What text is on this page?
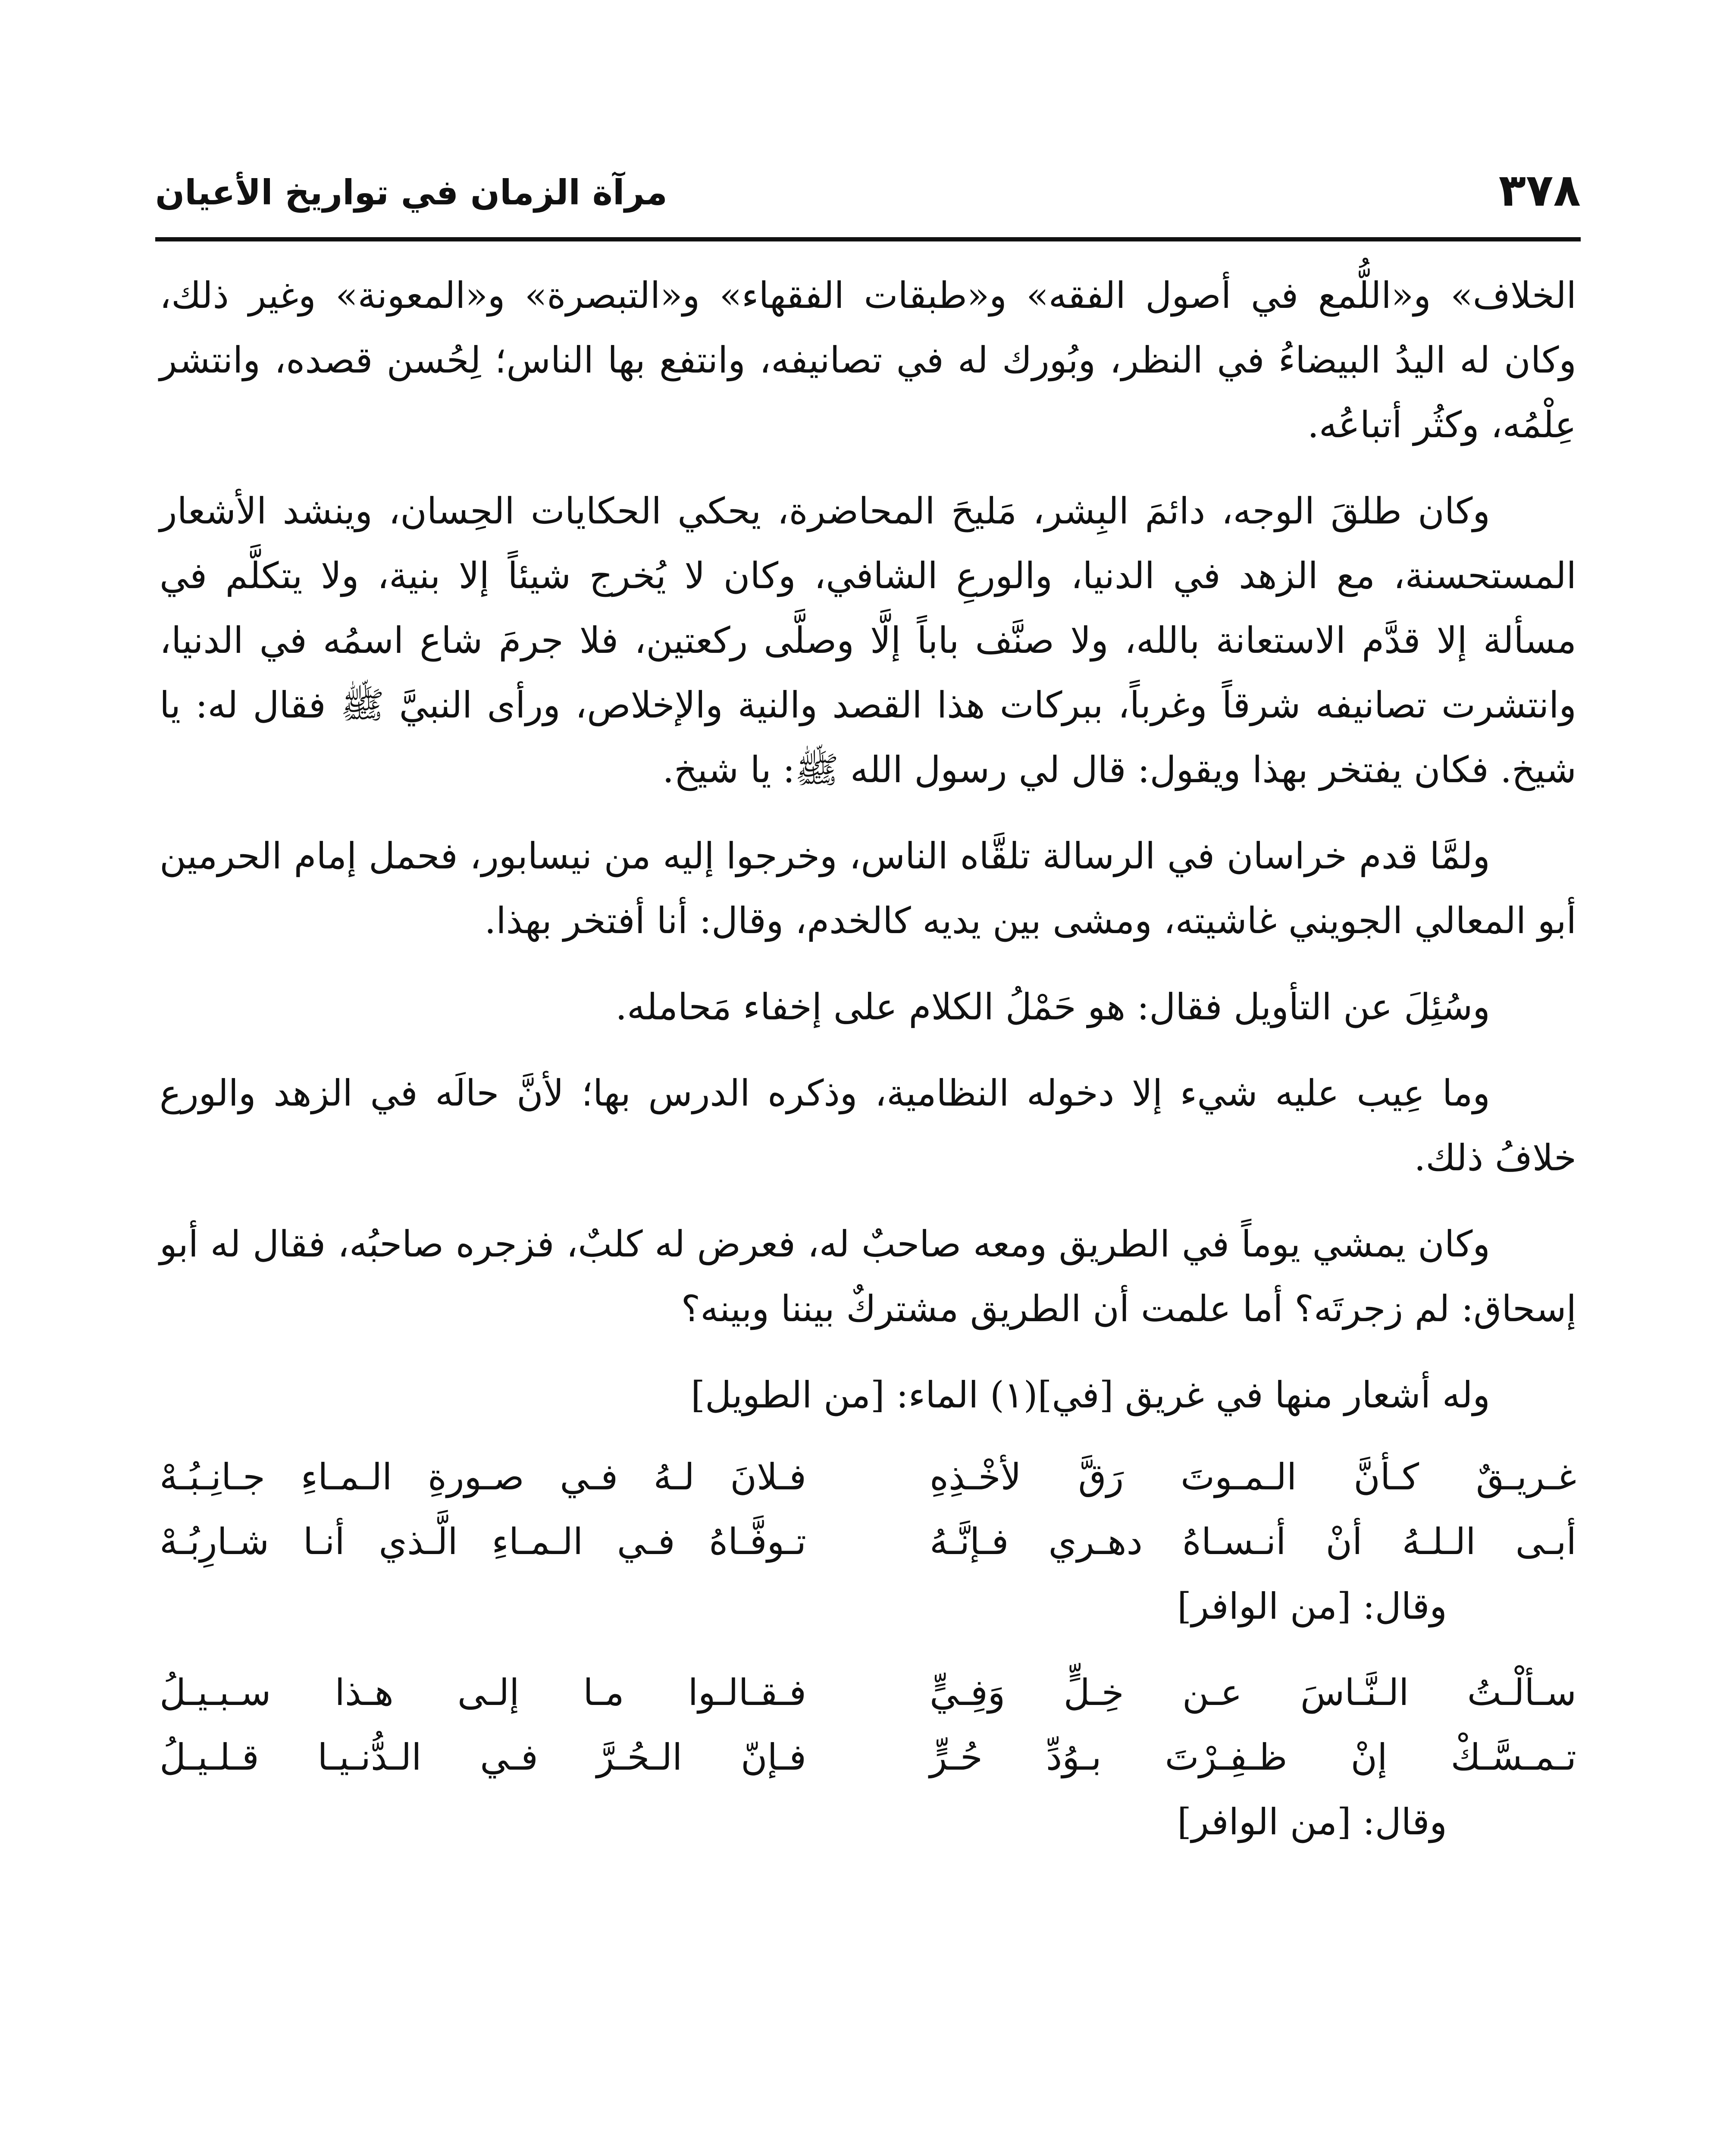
٣٧٨
مرآة الزمان في تواريخ الأعيان

الخلاف» و«اللُّمع في أصول الفقه» و«طبقات الفقهاء» و«التبصرة» و«المعونة» وغير ذلك، وكان له اليدُ البيضاءُ في النظر، وبُورك له في تصانيفه، وانتفع بها الناس؛ لِحُسن قصده، وانتشر عِلْمُه، وكثُر أتباعُه.

وكان طلقَ الوجه، دائمَ البِشر، مَليحَ المحاضرة، يحكي الحكايات الحِسان، وينشد الأشعار المستحسنة، مع الزهد في الدنيا، والورعِ الشافي، وكان لا يُخرج شيئاً إلا بنية، ولا يتكلَّم في مسألة إلا قدَّم الاستعانة بالله، ولا صنَّف باباً إلَّا وصلَّى ركعتين، فلا جرمَ شاع اسمُه في الدنيا، وانتشرت تصانيفه شرقاً وغرباً، ببركات هذا القصد والنية والإخلاص، ورأى النبيَّ ﷺ فقال له: يا شيخ. فكان يفتخر بهذا ويقول: قال لي رسول الله ﷺ: يا شيخ.

ولمَّا قدم خراسان في الرسالة تلقَّاه الناس، وخرجوا إليه من نيسابور، فحمل إمام الحرمين أبو المعالي الجويني غاشيته، ومشى بين يديه كالخدم، وقال: أنا أفتخر بهذا.

وسُئِلَ عن التأويل فقال: هو حَمْلُ الكلام على إخفاء مَحامله.

وما عِيب عليه شيء إلا دخوله النظامية، وذكره الدرس بها؛ لأنَّ حالَه في الزهد والورع خلافُ ذلك.

وكان يمشي يوماً في الطريق ومعه صاحبٌ له، فعرض له كلبٌ، فزجره صاحبُه، فقال له أبو إسحاق: لم زجرتَه؟ أما علمت أن الطريق مشتركٌ بيننا وبينه؟

وله أشعار منها في غريق [في](١) الماء: [من الطويل]

غـريـقٌ كـأنَّ الـمـوتَ رَقَّ لأخْـذِهِ
فـلانَ لـهُ فـي صـورةِ الـمـاءِ جـانِـبُـهْ
أبـى الـلـهُ أنْ أنـسـاهُ دهـري فـإنَّـهُ
تـوفَّـاهُ فـي الـمـاءِ الَّـذي أنـا شـارِبُـهْ

وقال: [من الوافر]

سـألْـتُ الـنَّـاسَ عـن خِـلٍّ وَفِـيٍّ
فـقـالـوا مـا إلـى هـذا سـبـيـلُ
تـمـسَّـكْ إنْ ظـفِـرْتَ بـوُدِّ حُـرٍّ
فـإنّ الـحُـرَّ فـي الـدُّنـيـا قـلـيـلُ

وقال: [من الوافر]
